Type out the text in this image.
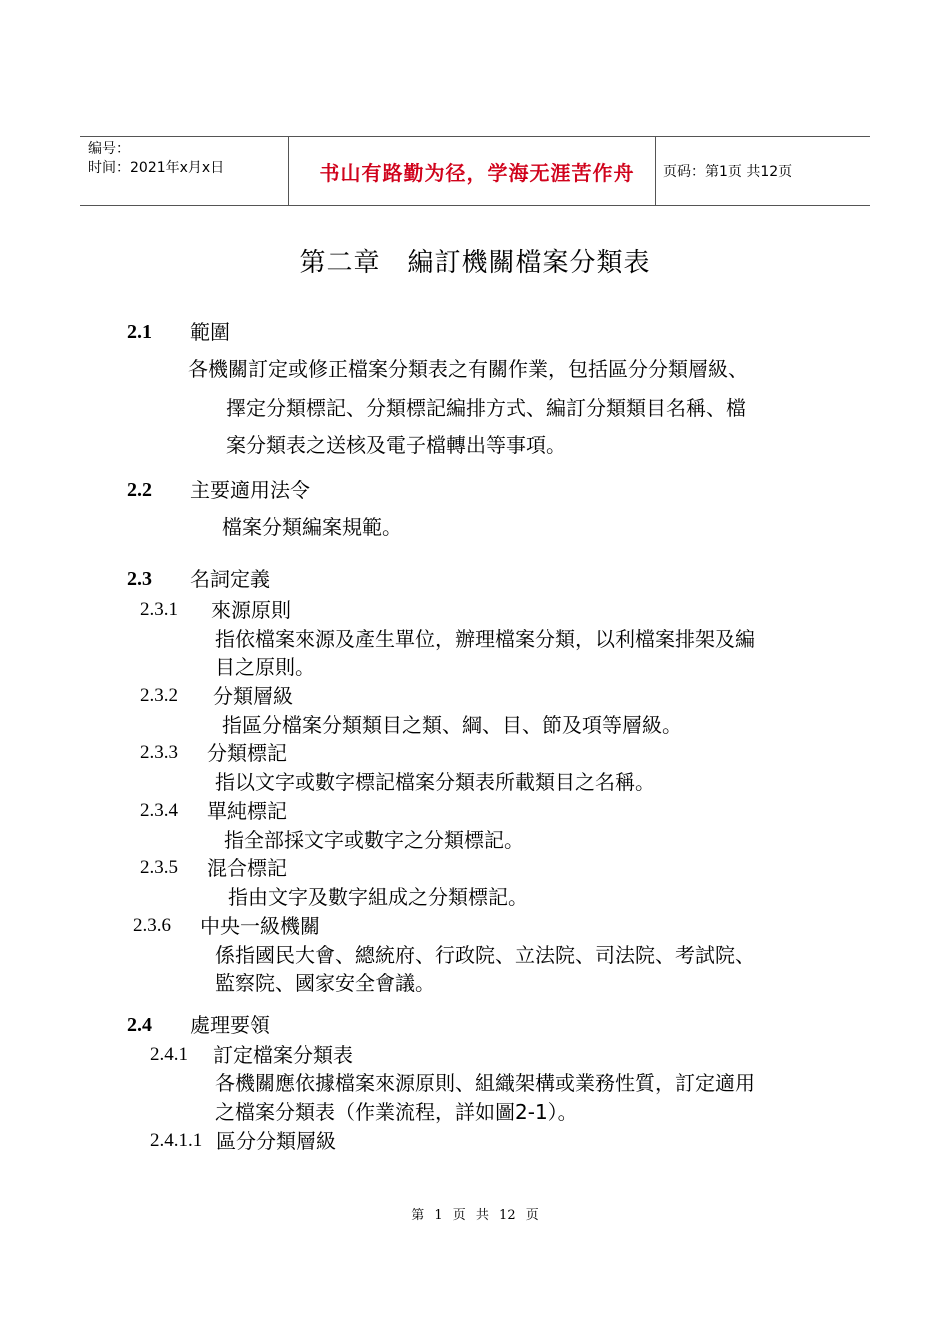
编号：
时间：2021年x月x日	书山有路勤为径，学海无涯苦作舟	页码：第1页 共12页
第二章　編訂機關檔案分類表
2.1 範圍
各機關訂定或修正檔案分類表之有關作業，包括區分分類層級、
擇定分類標記、分類標記編排方式、編訂分類類目名稱、檔
案分類表之送核及電子檔轉出等事項。
2.2 主要適用法令
檔案分類編案規範。
2.3 名詞定義
2.3.1 來源原則
指依檔案來源及產生單位，辦理檔案分類，以利檔案排架及編
目之原則。
2.3.2 分類層級
指區分檔案分類類目之類、綱、目、節及項等層級。
2.3.3 分類標記
指以文字或數字標記檔案分類表所載類目之名稱。
2.3.4 單純標記
指全部採文字或數字之分類標記。
2.3.5 混合標記
指由文字及數字組成之分類標記。
2.3.6 中央一級機關
係指國民大會、總統府、行政院、立法院、司法院、考試院、
監察院、國家安全會議。
2.4 處理要領
2.4.1 訂定檔案分類表
各機關應依據檔案來源原則、組織架構或業務性質，訂定適用
之檔案分類表（作業流程，詳如圖2-1）。
2.4.1.1 區分分類層級
第 1 页 共 12 页
